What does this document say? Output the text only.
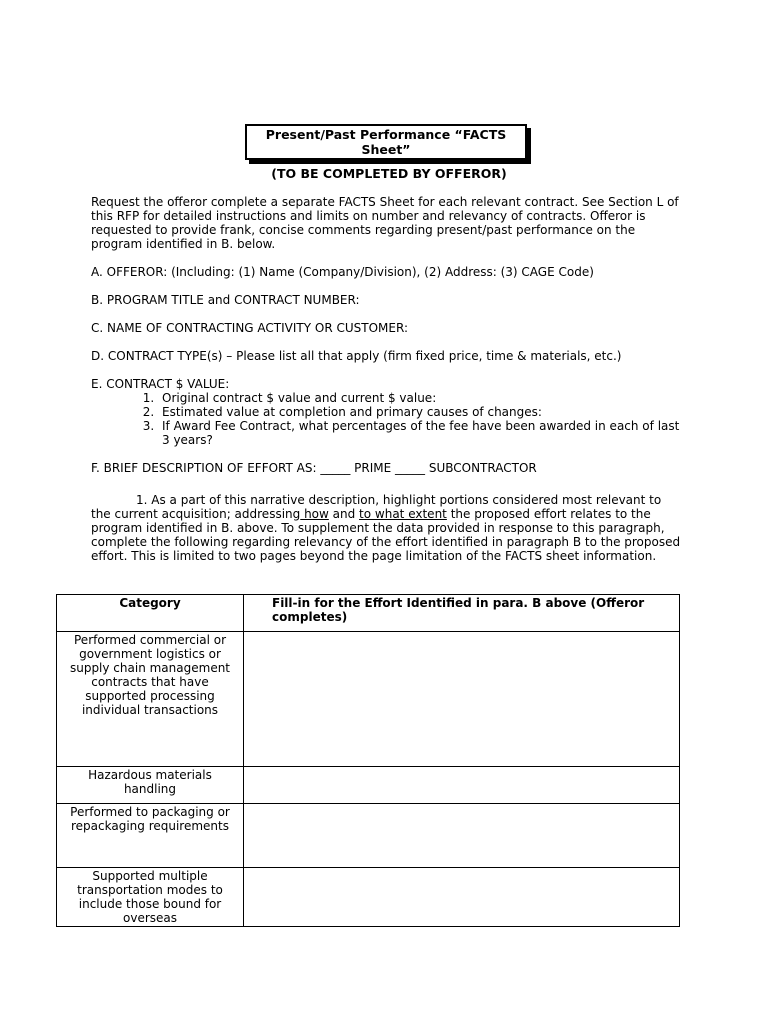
Present/Past Performance “FACTS Sheet”
(TO BE COMPLETED BY OFFEROR)
Request the offeror complete a separate FACTS Sheet for each relevant contract. See Section L of this RFP for detailed instructions and limits on number and relevancy of contracts. Offeror is requested to provide frank, concise comments regarding present/past performance on the program identified in B. below.
A. OFFEROR: (Including: (1) Name (Company/Division), (2) Address: (3) CAGE Code)
B. PROGRAM TITLE and CONTRACT NUMBER:
C. NAME OF CONTRACTING ACTIVITY OR CUSTOMER:
D. CONTRACT TYPE(s) – Please list all that apply (firm fixed price, time & materials, etc.)
E. CONTRACT $ VALUE:
1. Original contract $ value and current $ value:
2. Estimated value at completion and primary causes of changes:
3. If Award Fee Contract, what percentages of the fee have been awarded in each of last 3 years?
F. BRIEF DESCRIPTION OF EFFORT AS: _____ PRIME _____ SUBCONTRACTOR
1. As a part of this narrative description, highlight portions considered most relevant to the current acquisition; addressing how and to what extent the proposed effort relates to the program identified in B. above. To supplement the data provided in response to this paragraph, complete the following regarding relevancy of the effort identified in paragraph B to the proposed effort. This is limited to two pages beyond the page limitation of the FACTS sheet information.
Category	Fill-in for the Effort Identified in para. B above (Offeror completes)
Performed commercial or government logistics or supply chain management contracts that have supported processing individual transactions	
Hazardous materials handling	
Performed to packaging or repackaging requirements	
Supported multiple transportation modes to include those bound for overseas	
